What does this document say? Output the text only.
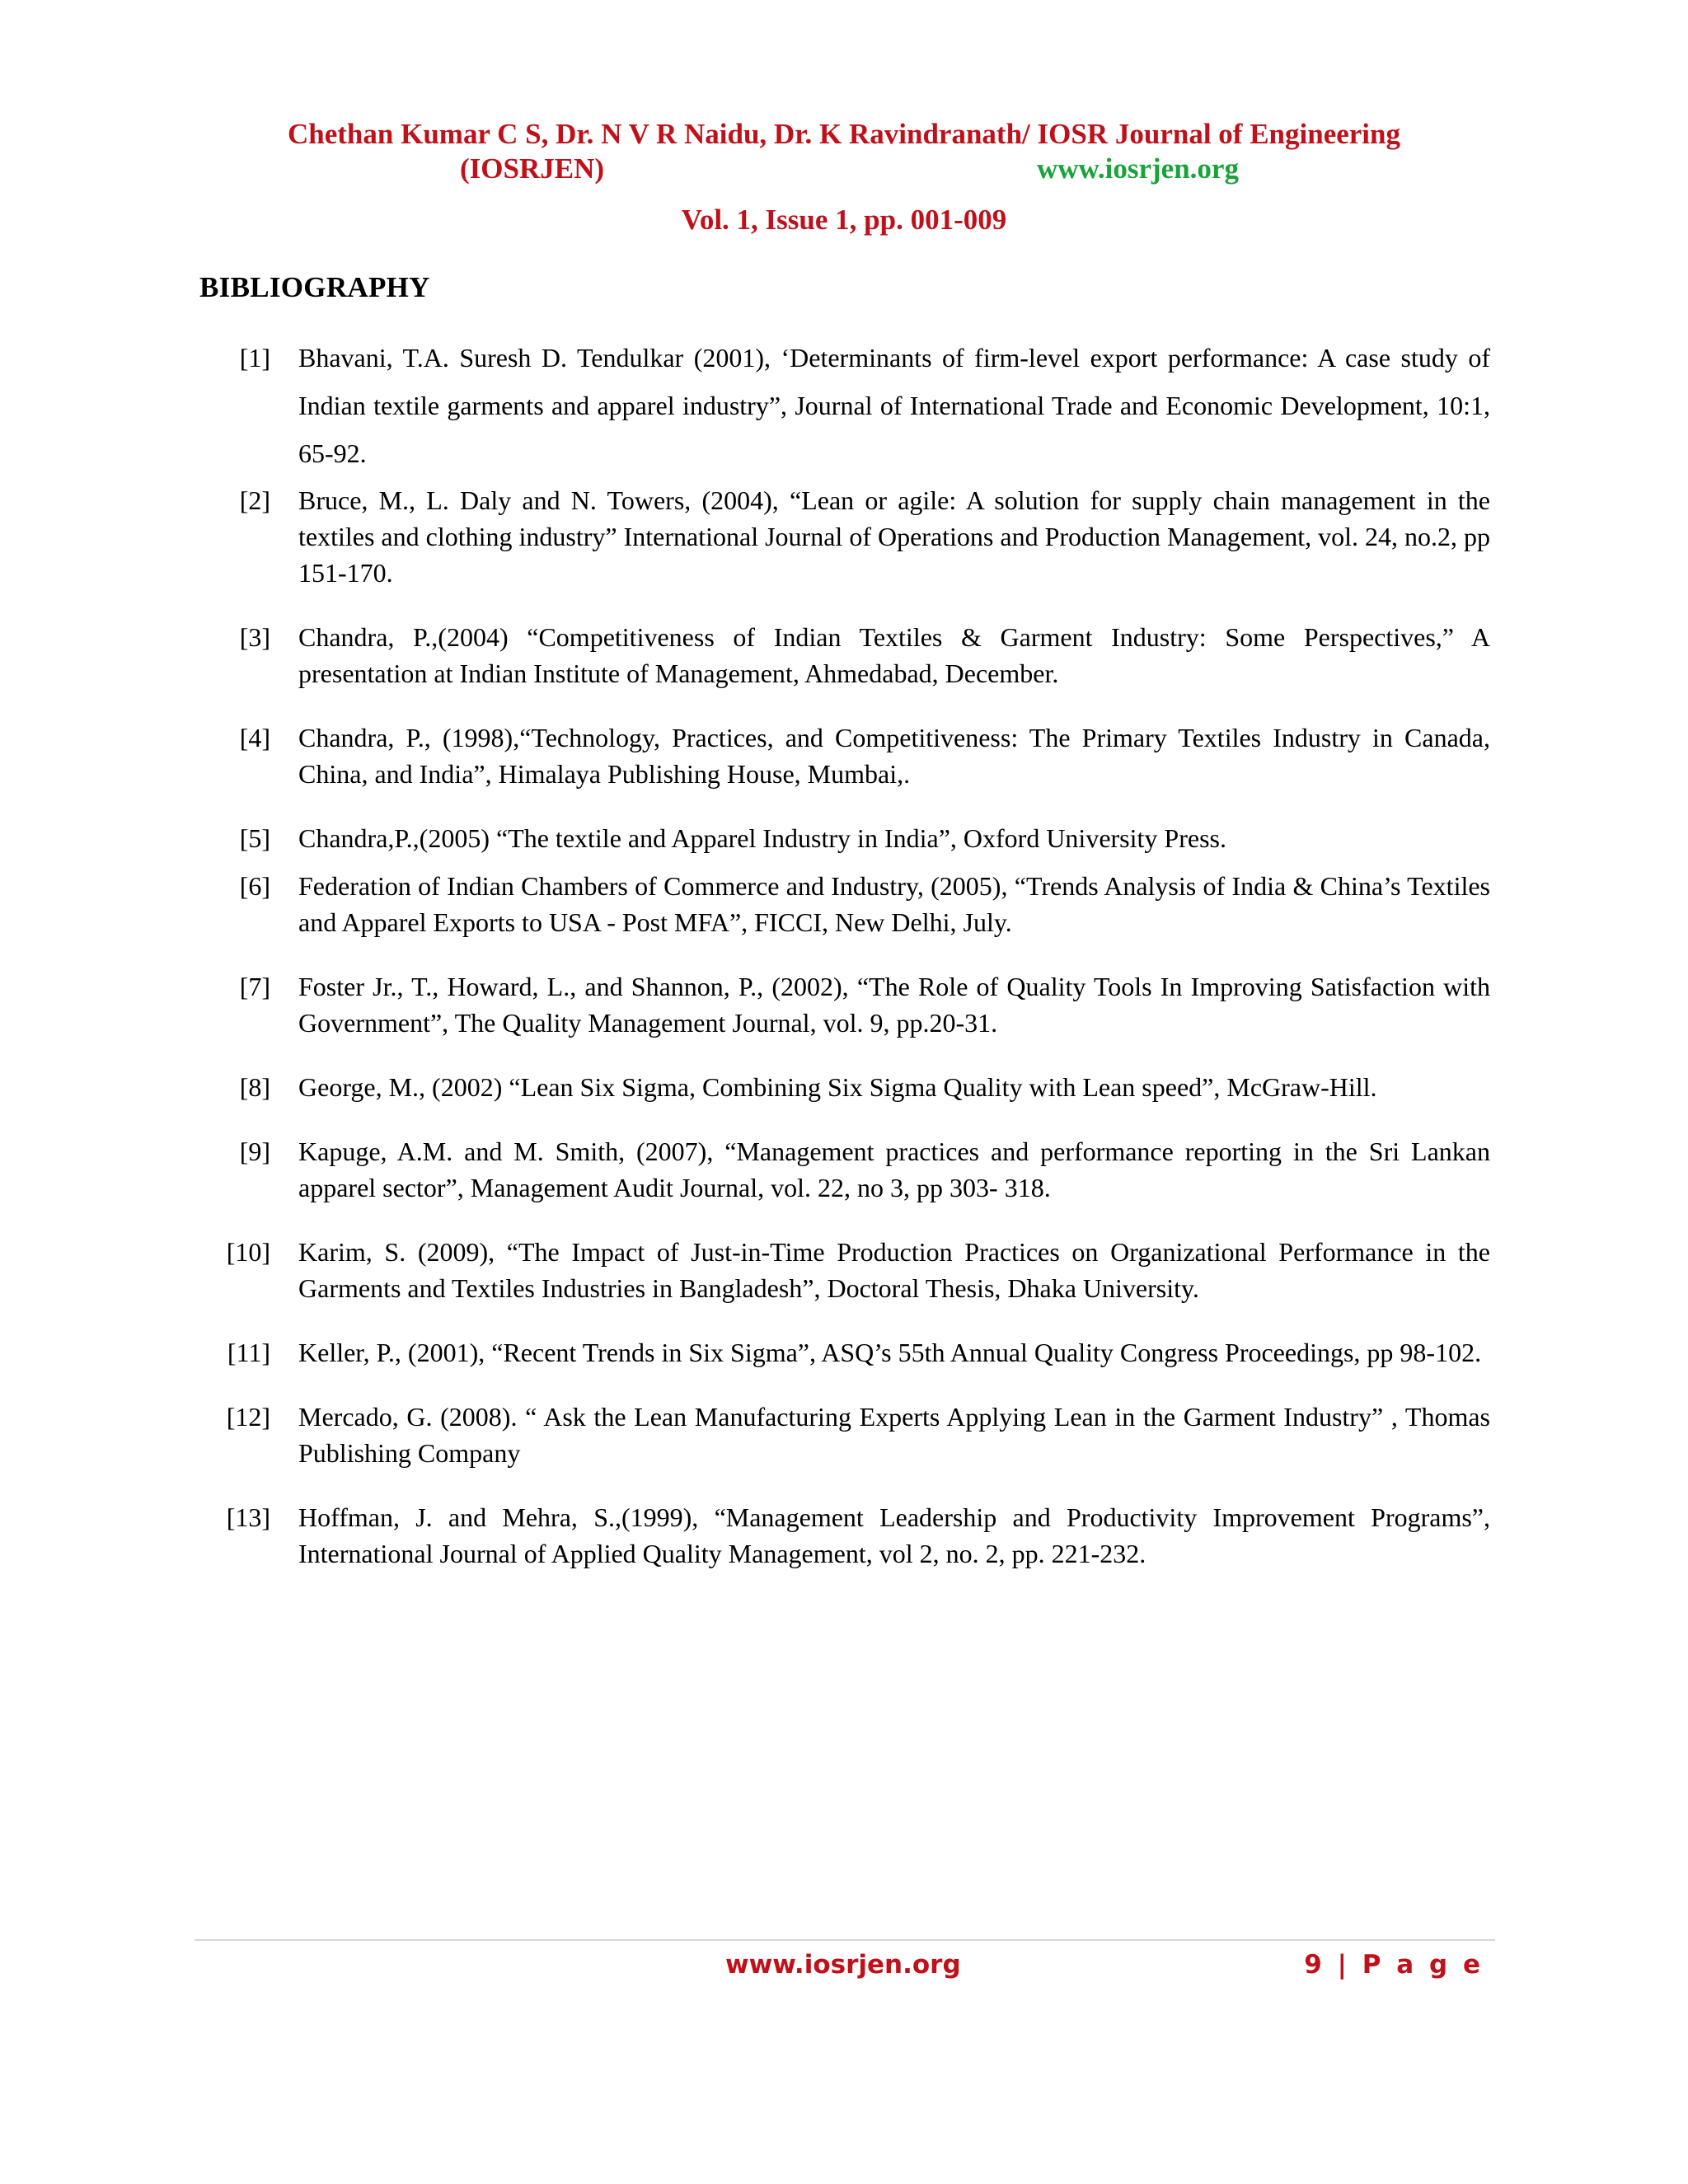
Chethan Kumar C S, Dr. N V R Naidu, Dr. K Ravindranath/ IOSR Journal of Engineering
(IOSRJEN)	www.iosrjen.org
Vol. 1, Issue 1, pp. 001-009
BIBLIOGRAPHY
[1] Bhavani, T.A. Suresh D. Tendulkar (2001), ‘Determinants of firm-level export performance: A case study of Indian textile garments and apparel industry”, Journal of International Trade and Economic Development, 10:1, 65-92.
[2] Bruce, M., L. Daly and N. Towers, (2004), “Lean or agile: A solution for supply chain management in the textiles and clothing industry” International Journal of Operations and Production Management, vol. 24, no.2, pp 151-170.
[3] Chandra, P.,(2004) “Competitiveness of Indian Textiles & Garment Industry: Some Perspectives,” A presentation at Indian Institute of Management, Ahmedabad, December.
[4] Chandra, P., (1998),“Technology, Practices, and Competitiveness: The Primary Textiles Industry in Canada, China, and India”, Himalaya Publishing House, Mumbai,.
[5] Chandra,P.,(2005) “The textile and Apparel Industry in India”, Oxford University Press.
[6] Federation of Indian Chambers of Commerce and Industry, (2005), “Trends Analysis of India & China’s Textiles and Apparel Exports to USA - Post MFA”, FICCI, New Delhi, July.
[7] Foster Jr., T., Howard, L., and Shannon, P., (2002), “The Role of Quality Tools In Improving Satisfaction with Government”, The Quality Management Journal, vol. 9, pp.20-31.
[8] George, M., (2002) “Lean Six Sigma, Combining Six Sigma Quality with Lean speed”, McGraw-Hill.
[9] Kapuge, A.M. and M. Smith, (2007), “Management practices and performance reporting in the Sri Lankan apparel sector”, Management Audit Journal, vol. 22, no 3, pp 303- 318.
[10] Karim, S. (2009), “The Impact of Just-in-Time Production Practices on Organizational Performance in the Garments and Textiles Industries in Bangladesh”, Doctoral Thesis, Dhaka University.
[11] Keller, P., (2001), “Recent Trends in Six Sigma”, ASQ’s 55th Annual Quality Congress Proceedings, pp 98-102.
[12] Mercado, G. (2008). “ Ask the Lean Manufacturing Experts Applying Lean in the Garment Industry” , Thomas Publishing Company
[13] Hoffman, J. and Mehra, S.,(1999), “Management Leadership and Productivity Improvement Programs”, International Journal of Applied Quality Management, vol 2, no. 2, pp. 221-232.
www.iosrjen.org	9 | P a g e
